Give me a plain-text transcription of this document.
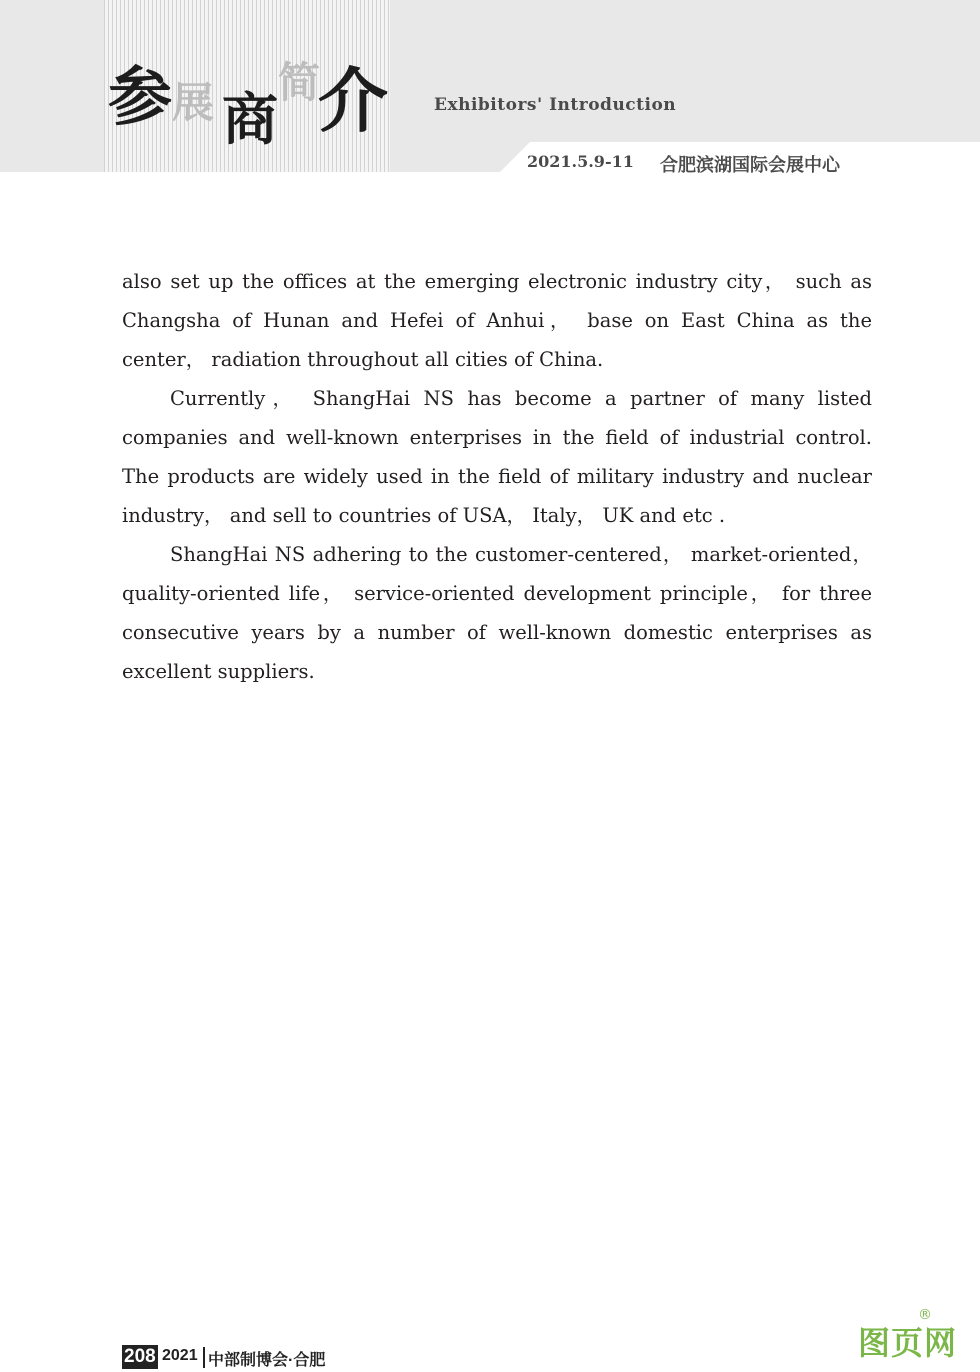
参 展 商
简
介	Exhibitors' Introduction
2021.5.9-11 合肥滨湖国际会展中心

also set up the offices at the emerging electronic industry city， such as Changsha of Hunan and Hefei of Anhui， base on East China as the center， radiation throughout all cities of China.

Currently， ShangHai NS has become a partner of many listed companies and well-known enterprises in the field of industrial control. The products are widely used in the field of military industry and nuclear industry， and sell to countries of USA， Italy， UK and etc .

ShangHai NS adhering to the customer-centered， market-oriented， quality-oriented life， service-oriented development principle， for three consecutive years by a number of well-known domestic enterprises as excellent suppliers.

208 2021 中部制博会·合肥	图页网
®
